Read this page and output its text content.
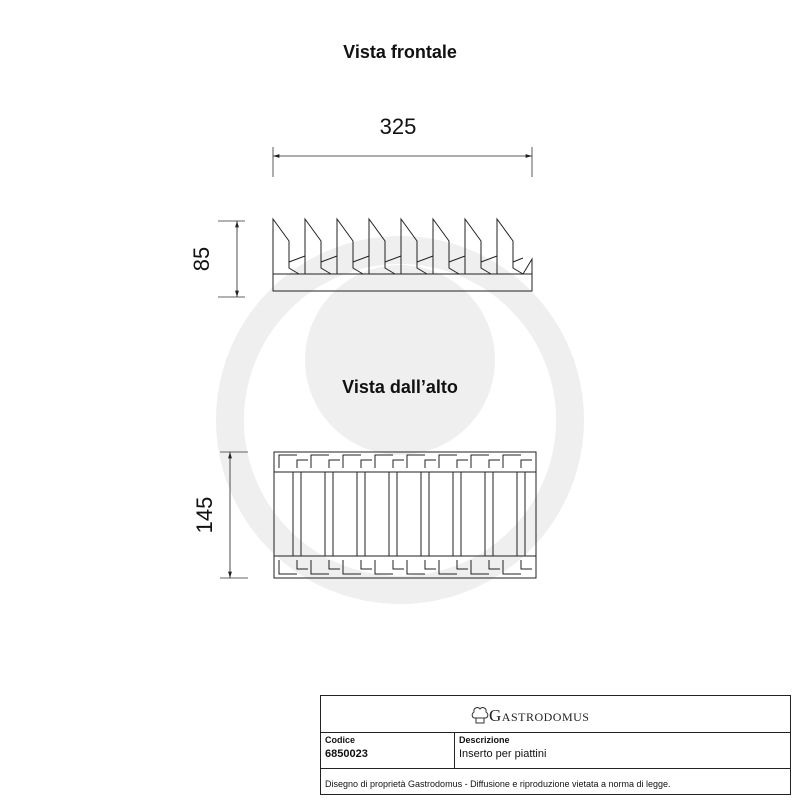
Vista frontale
Vista dall’alto
325
85
145
Gastrodomus
Codice
6850023
Descrizione
Inserto per piattini
Disegno di proprietà Gastrodomus - Diffusione e riproduzione vietata a norma di legge.
